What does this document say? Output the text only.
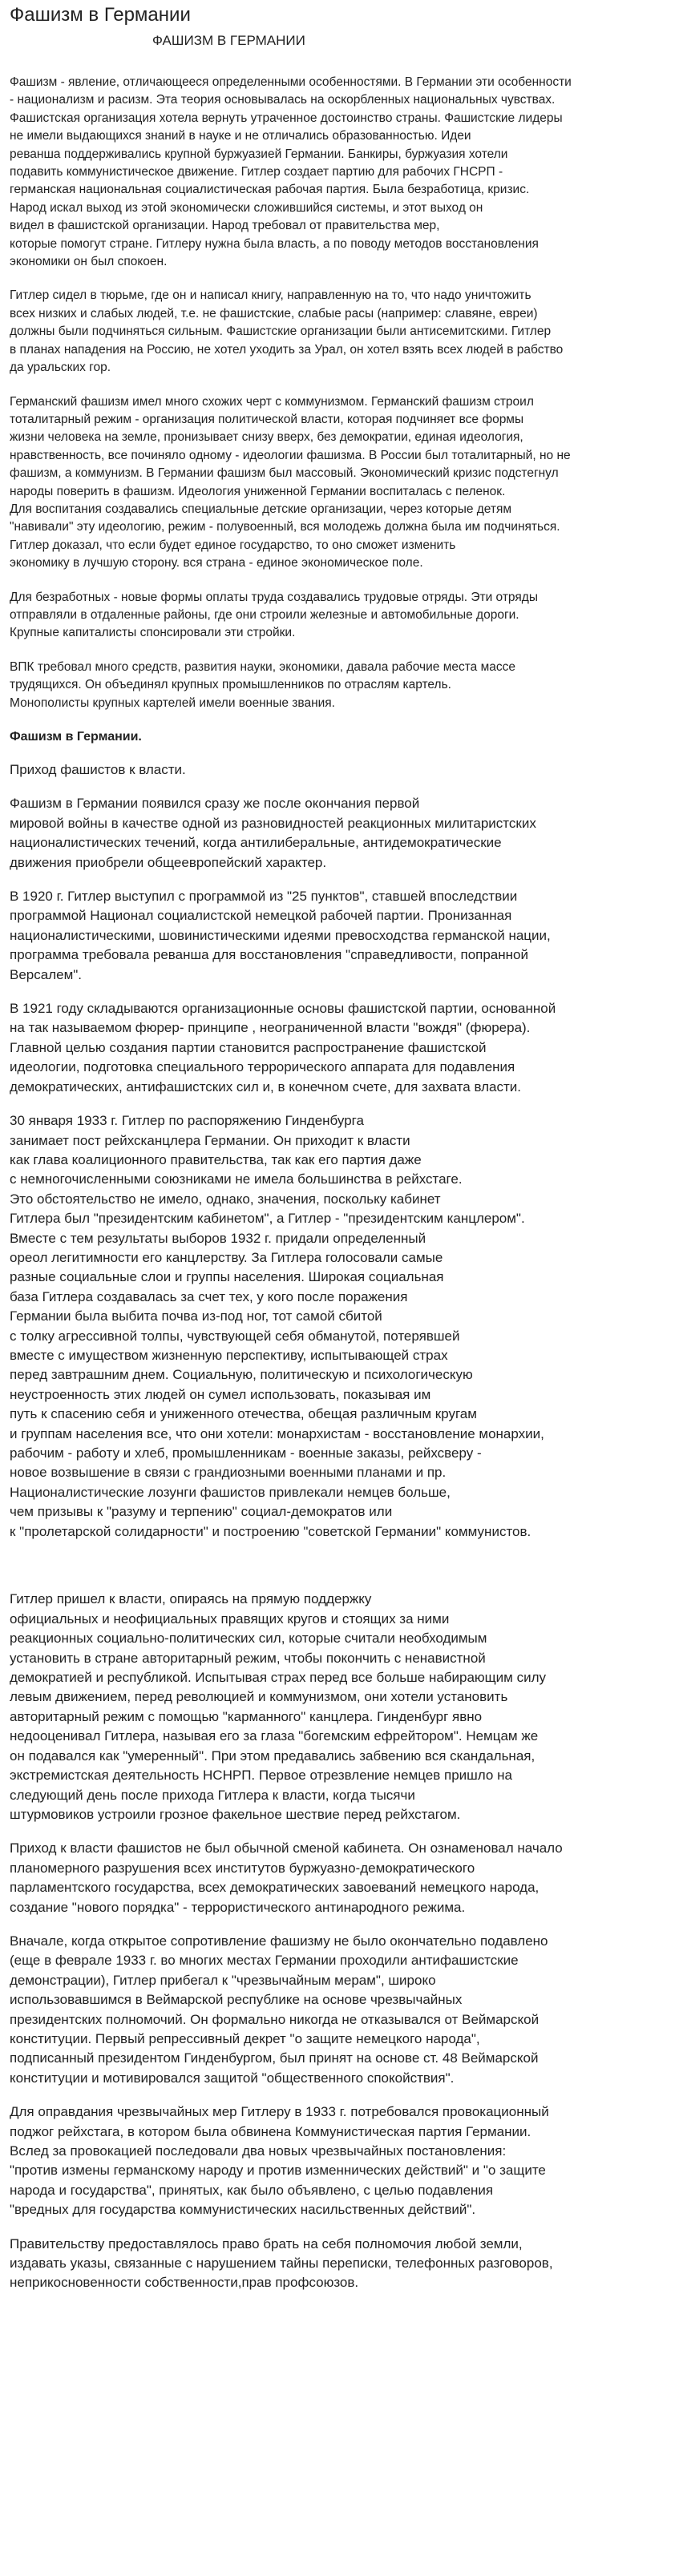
Фашизм в Германии
ФАШИЗМ В ГЕРМАНИИ

Фашизм - явление, отличающееся определенными особенностями. В Германии эти особенности
- национализм и расизм. Эта теория основывалась на оскорбленных национальных чувствах.
Фашистская организация хотела вернуть утраченное достоинство страны. Фашистские лидеры
не имели выдающихся знаний в науке и не отличались образованностью. Идеи
реванша поддерживались крупной буржуазией Германии. Банкиры, буржуазия хотели
подавить коммунистическое движение. Гитлер создает партию для рабочих ГНСРП -
германская национальная социалистическая рабочая партия. Была безработица, кризис.
Народ искал выход из этой экономически сложившийся системы, и этот выход он
видел в фашистской организации. Народ требовал от правительства мер,
которые помогут стране. Гитлеру нужна была власть, а по поводу методов восстановления
экономики он был спокоен.

Гитлер сидел в тюрьме, где он и написал книгу, направленную на то, что надо уничтожить
всех низких и слабых людей, т.е. не фашистские, слабые расы (например: славяне, евреи)
должны были подчиняться сильным. Фашистские организации были антисемитскими. Гитлер
в планах нападения на Россию, не хотел уходить за Урал, он хотел взять всех людей в рабство
да уральских гор.

Германский фашизм имел много схожих черт с коммунизмом. Германский фашизм строил
тоталитарный режим - организация политической власти, которая подчиняет все формы
жизни человека на земле, пронизывает снизу вверх, без демократии, единая идеология,
нравственность, все починяло одному - идеологии фашизма. В России был тоталитарный, но не
фашизм, а коммунизм. В Германии фашизм был массовый. Экономический кризис подстегнул
народы поверить в фашизм. Идеология униженной Германии воспиталась с пеленок.
Для воспитания создавались специальные детские организации, через которые детям
"навивали" эту идеологию, режим - полувоенный, вся молодежь должна была им подчиняться.
Гитлер доказал, что если будет единое государство, то оно сможет изменить
экономику в лучшую сторону. вся страна - единое экономическое поле.

Для безработных - новые формы оплаты труда создавались трудовые отряды. Эти отряды
отправляли в отдаленные районы, где они строили железные и автомобильные дороги.
Крупные капиталисты спонсировали эти стройки.

ВПК требовал много средств, развития науки, экономики, давала рабочие места массе
трудящихся. Он объединял крупных промышленников по отраслям картель.
Монополисты крупных картелей имели военные звания.

Фашизм в Германии.

Приход фашистов к власти.

Фашизм в Германии появился сразу же после окончания первой
мировой войны в качестве одной из разновидностей реакционных милитаристских
националистических течений, когда антилиберальные, антидемократические
движения приобрели общеевропейский характер.

В 1920 г. Гитлер выступил с программой из "25 пунктов", ставшей впоследствии
программой Национал социалистской немецкой рабочей партии. Пронизанная
националистическими, шовинистическими идеями превосходства германской нации,
программа требовала реванша для восстановления "справедливости, попранной
Версалем".

В 1921 году складываются организационные основы фашистской партии, основанной
на так называемом фюрер- принципе , неограниченной власти "вождя" (фюрера).
Главной целью создания партии становится распространение фашистской
идеологии, подготовка специального террорического аппарата для подавления
демократических, антифашистских сил и, в конечном счете, для захвата власти.

30 января 1933 г. Гитлер по распоряжению Гинденбурга
занимает пост рейхсканцлера Германии. Он приходит к власти
как глава коалиционного правительства, так как его партия даже
с немногочисленными союзниками не имела большинства в рейхстаге.
Это обстоятельство не имело, однако, значения, поскольку кабинет
Гитлера был "президентским кабинетом", а Гитлер - "президентским канцлером".
Вместе с тем результаты выборов 1932 г. придали определенный
ореол легитимности его канцлерству. За Гитлера голосовали самые
разные социальные слои и группы населения. Широкая социальная
база Гитлера создавалась за счет тех, у кого после поражения
Германии была выбита почва из-под ног, тот самой сбитой
с толку агрессивной толпы, чувствующей себя обманутой, потерявшей
вместе с имуществом жизненную перспективу, испытывающей страх
перед завтрашним днем. Социальную, политическую и психологическую
неустроенность этих людей он сумел использовать, показывая им
путь к спасению себя и униженного отечества, обещая различным кругам
и группам населения все, что они хотели: монархистам - восстановление монархии,
рабочим - работу и хлеб, промышленникам - военные заказы, рейхсверу -
новое возвышение в связи с грандиозными военными планами и пр.
Националистические лозунги фашистов привлекали немцев больше,
чем призывы к "разуму и терпению" социал-демократов или
к "пролетарской солидарности" и построению "советской Германии" коммунистов.

Гитлер пришел к власти, опираясь на прямую поддержку
официальных и неофициальных правящих кругов и стоящих за ними
реакционных социально-политических сил, которые считали необходимым
установить в стране авторитарный режим, чтобы покончить с ненавистной
демократией и республикой. Испытывая страх перед все больше набирающим силу
левым движением, перед революцией и коммунизмом, они хотели установить
авторитарный режим с помощью "карманного" канцлера. Гинденбург явно
недооценивал Гитлера, называя его за глаза "богемским ефрейтором". Немцам же
он подавался как "умеренный". При этом предавались забвению вся скандальная,
экстремистская деятельность НСНРП. Первое отрезвление немцев пришло на
следующий день после прихода Гитлера к власти, когда тысячи
штурмовиков устроили грозное факельное шествие перед рейхстагом.

Приход к власти фашистов не был обычной сменой кабинета. Он ознаменовал начало
планомерного разрушения всех институтов буржуазно-демократического
парламентского государства, всех демократических завоеваний немецкого народа,
создание "нового порядка" - террористического антинародного режима.

Вначале, когда открытое сопротивление фашизму не было окончательно подавлено
(еще в феврале 1933 г. во многих местах Германии проходили антифашистские
демонстрации), Гитлер прибегал к "чрезвычайным мерам", широко
использовавшимся в Веймарской республике на основе чрезвычайных
президентских полномочий. Он формально никогда не отказывался от Веймарской
конституции. Первый репрессивный декрет "о защите немецкого народа",
подписанный президентом Гинденбургом, был принят на основе ст. 48 Веймарской
конституции и мотивировался защитой "общественного спокойствия".

Для оправдания чрезвычайных мер Гитлеру в 1933 г. потребовался провокационный
поджог рейхстага, в котором была обвинена Коммунистическая партия Германии.
Вслед за провокацией последовали два новых чрезвычайных постановления:
"против измены германскому народу и против изменнических действий" и "о защите
народа и государства", принятых, как было объявлено, с целью подавления
"вредных для государства коммунистических насильственных действий".

Правительству предоставлялось право брать на себя полномочия любой земли,
издавать указы, связанные с нарушением тайны переписки, телефонных разговоров,
неприкосновенности собственности,прав профсоюзов.
